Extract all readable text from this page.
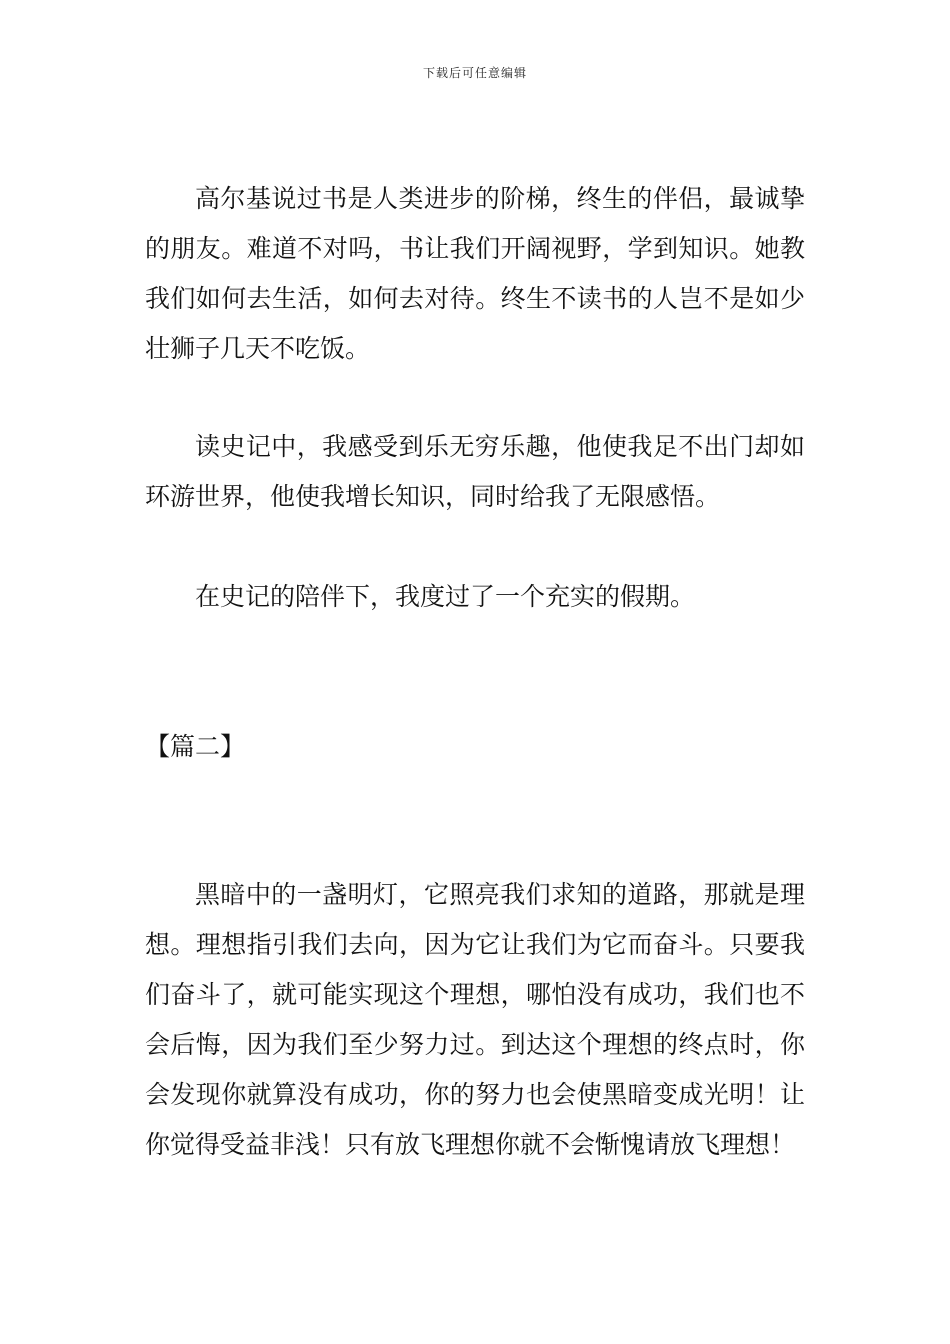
下载后可任意编辑

高尔基说过书是人类进步的阶梯，终生的伴侣，最诚挚的朋友。难道不对吗，书让我们开阔视野，学到知识。她教我们如何去生活，如何去对待。终生不读书的人岂不是如少壮狮子几天不吃饭。

读史记中，我感受到乐无穷乐趣，他使我足不出门却如环游世界，他使我增长知识，同时给我了无限感悟。

在史记的陪伴下，我度过了一个充实的假期。

【篇二】

黑暗中的一盏明灯，它照亮我们求知的道路，那就是理想。理想指引我们去向，因为它让我们为它而奋斗。只要我们奋斗了，就可能实现这个理想，哪怕没有成功，我们也不会后悔，因为我们至少努力过。到达这个理想的终点时，你会发现你就算没有成功，你的努力也会使黑暗变成光明！让你觉得受益非浅！只有放飞理想你就不会惭愧请放飞理想！
